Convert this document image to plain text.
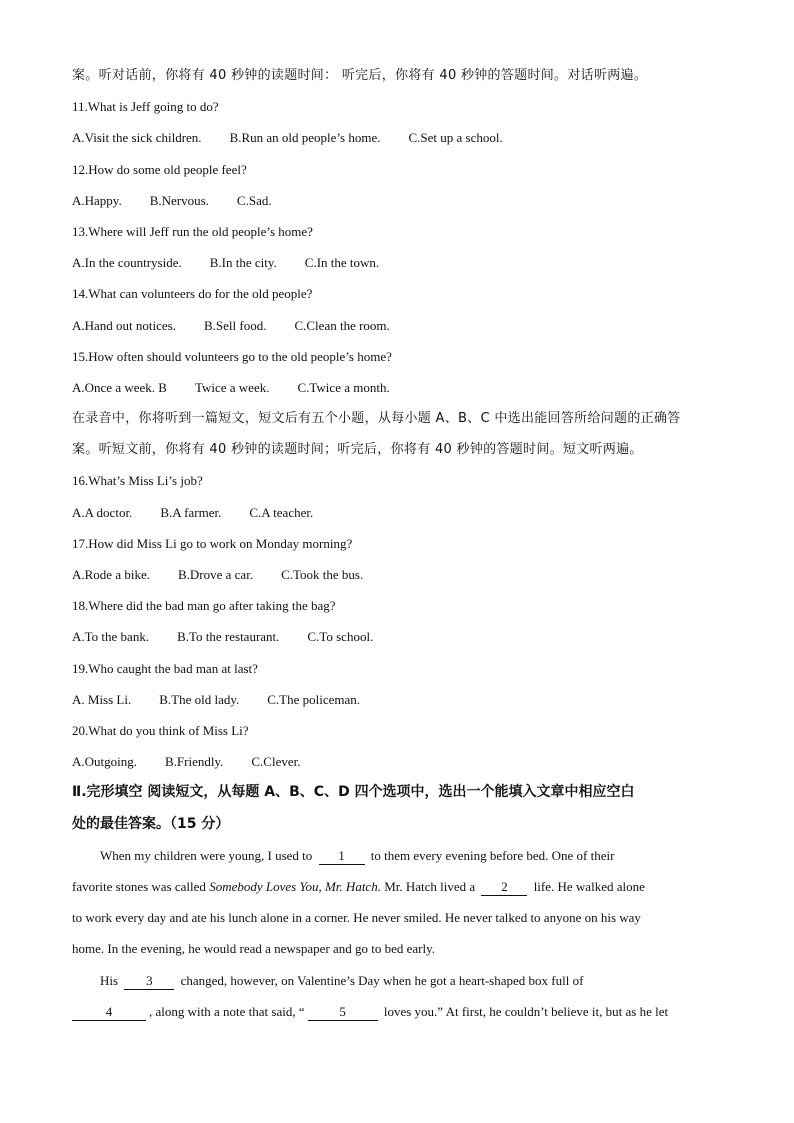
案。听对话前，你将有 40 秒钟的读题时间： 听完后，你将有 40 秒钟的答题时间。对话听两遍。
11.What is Jeff going to do?
A.Visit the sick children. B.Run an old people’s home. C.Set up a school.
12.How do some old people feel?
A.Happy. B.Nervous. C.Sad.
13.Where will Jeff run the old people’s home?
A.In the countryside. B.In the city. C.In the town.
14.What can volunteers do for the old people?
A.Hand out notices. B.Sell food. C.Clean the room.
15.How often should volunteers go to the old people’s home?
A.Once a week. B Twice a week. C.Twice a month.
在录音中，你将听到一篇短文，短文后有五个小题，从每小题 A、B、C 中选出能回答所给问题的正确答
案。听短文前，你将有 40 秒钟的读题时间；听完后，你将有 40 秒钟的答题时间。短文听两遍。
16.What’s Miss Li’s job?
A.A doctor. B.A farmer. C.A teacher.
17.How did Miss Li go to work on Monday morning?
A.Rode a bike. B.Drove a car. C.Took the bus.
18.Where did the bad man go after taking the bag?
A.To the bank. B.To the restaurant. C.To school.
19.Who caught the bad man at last?
A. Miss Li. B.The old lady. C.The policeman.
20.What do you think of Miss Li?
A.Outgoing. B.Friendly. C.Clever.
Ⅱ.完形填空 阅读短文，从每题 A、B、C、D 四个选项中，选出一个能填入文章中相应空白
处的最佳答案。（15 分）
When my children were young, I used to 1 to them every evening before bed. One of their
favorite stones was called Somebody Loves You, Mr. Hatch. Mr. Hatch lived a 2 life. He walked alone
to work every day and ate his lunch alone in a corner. He never smiled. He never talked to anyone on his way
home. In the evening, he would read a newspaper and go to bed early.
His 3 changed, however, on Valentine’s Day when he got a heart-shaped box full of
4	, along with a note that said, “	5	loves you.” At first, he couldn’t believe it, but as he let
